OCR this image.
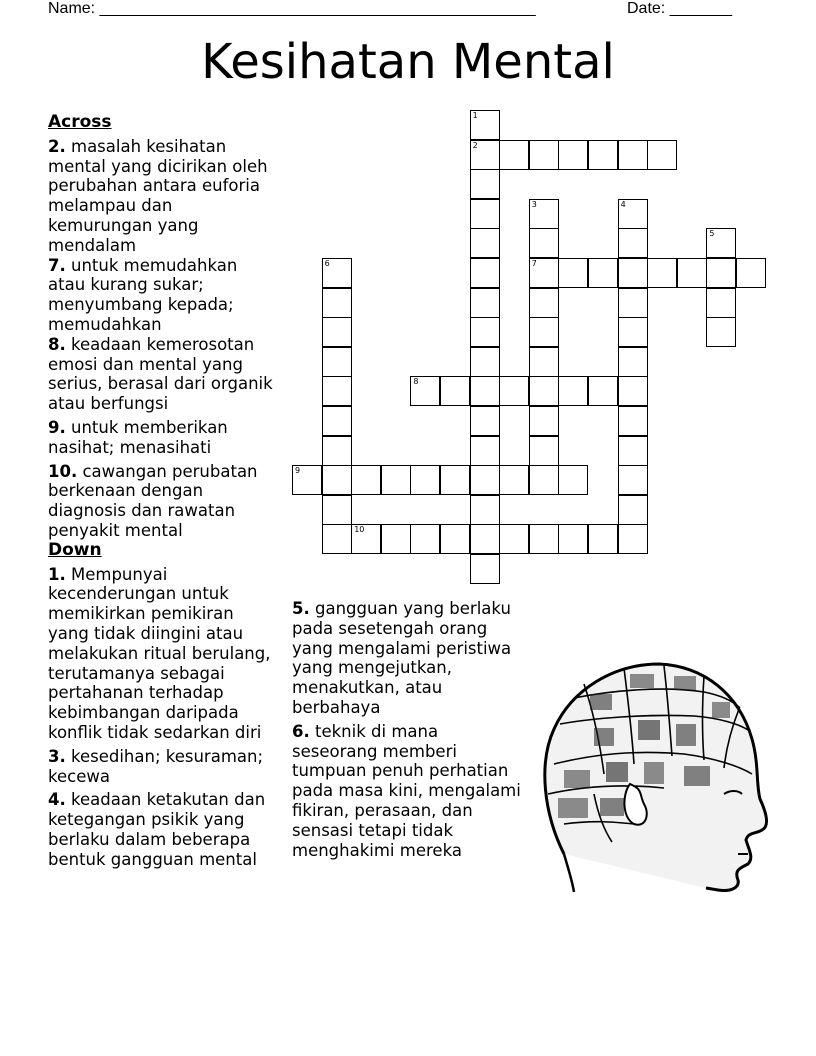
Name: _________________________________________________	Date: _______
Kesihatan Mental
1
2
3
7
4
5
6
8
9
10
Across
2. masalah kesihatan mental yang dicirikan oleh perubahan antara euforia melampau dan kemurungan yang mendalam
7. untuk memudahkan atau kurang sukar; menyumbang kepada; memudahkan
8. keadaan kemerosotan emosi dan mental yang serius, berasal dari organik atau berfungsi
9. untuk memberikan nasihat; menasihati
10. cawangan perubatan berkenaan dengan diagnosis dan rawatan penyakit mental
Down
1. Mempunyai kecenderungan untuk memikirkan pemikiran yang tidak diingini atau melakukan ritual berulang, terutamanya sebagai pertahanan terhadap kebimbangan daripada konflik tidak sedarkan diri
3. kesedihan; kesuraman; kecewa
4. keadaan ketakutan dan ketegangan psikik yang berlaku dalam beberapa bentuk gangguan mental
5. gangguan yang berlaku pada sesetengah orang yang mengalami peristiwa yang mengejutkan, menakutkan, atau berbahaya
6. teknik di mana seseorang memberi tumpuan penuh perhatian pada masa kini, mengalami fikiran, perasaan, dan sensasi tetapi tidak menghakimi mereka
